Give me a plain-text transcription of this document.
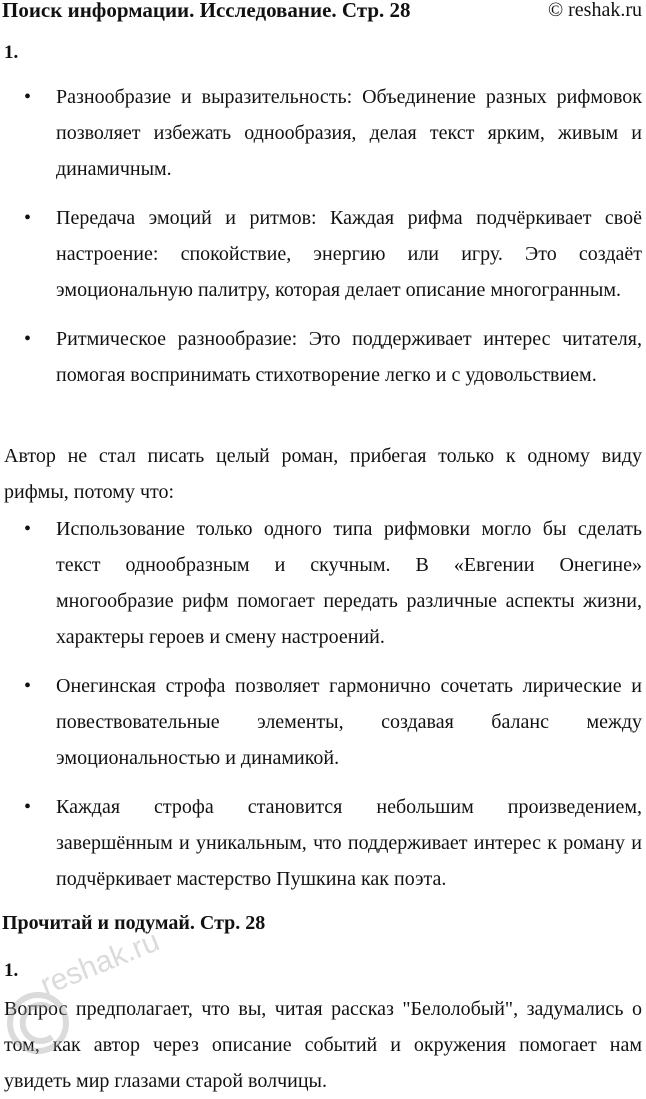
Поиск информации. Исследование. Стр. 28	© reshak.ru
1.
• Разнообразие и выразительность: Объединение разных рифмовок позволяет избежать однообразия, делая текст ярким, живым и динамичным.
• Передача эмоций и ритмов: Каждая рифма подчёркивает своё настроение: спокойствие, энергию или игру. Это создаёт эмоциональную палитру, которая делает описание многогранным.
• Ритмическое разнообразие: Это поддерживает интерес читателя, помогая воспринимать стихотворение легко и с удовольствием.
Автор не стал писать целый роман, прибегая только к одному виду рифмы, потому что:
• Использование только одного типа рифмовки могло бы сделать текст однообразным и скучным. В «Евгении Онегине» многообразие рифм помогает передать различные аспекты жизни, характеры героев и смену настроений.
• Онегинская строфа позволяет гармонично сочетать лирические и повествовательные элементы, создавая баланс между эмоциональностью и динамикой.
• Каждая строфа становится небольшим произведением, завершённым и уникальным, что поддерживает интерес к роману и подчёркивает мастерство Пушкина как поэта.
Прочитай и подумай. Стр. 28
1.
Вопрос предполагает, что вы, читая рассказ "Белолобый", задумались о том, как автор через описание событий и окружения помогает нам увидеть мир глазами старой волчицы.
reshak.ru
